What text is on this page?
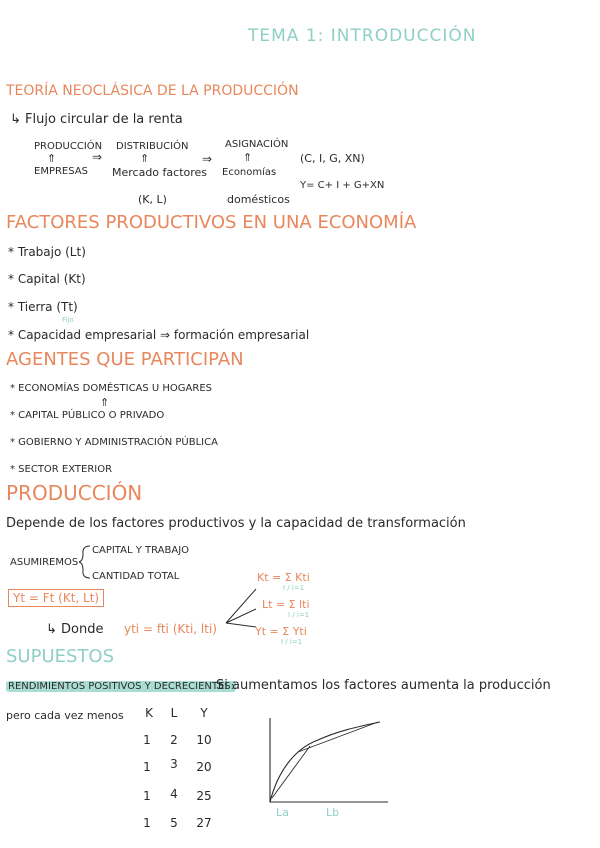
TEMA 1: INTRODUCCIÓN
TEORÍA NEOCLÁSICA DE LA PRODUCCIÓN
↳ Flujo circular de la renta
PRODUCCIÓN
⇑
EMPRESAS
⇒
DISTRIBUCIÓN
⇑
Mercado factores
(K, L)
⇒
ASIGNACIÓN
⇑
Economías
domésticos
(C, I, G, XN)
Y= C+ I + G+XN
FACTORES PRODUCTIVOS EN UNA ECONOMÍA
* Trabajo (Lt)
* Capital (Kt)
* Tierra (Tt)
Fijo
* Capacidad empresarial ⇒ formación empresarial
AGENTES QUE PARTICIPAN
* ECONOMÍAS DOMÉSTICAS U HOGARES
⇑
* CAPITAL PÚBLICO O PRIVADO
* GOBIERNO Y ADMINISTRACIÓN PÚBLICA
* SECTOR EXTERIOR
PRODUCCIÓN
Depende de los factores productivos y la capacidad de transformación
ASUMIREMOS
CAPITAL Y TRABAJO
CANTIDAD TOTAL
Yt = Ft (Kt, Lt)
↳ Donde yti = fti (Kti, lti)
Kt = Σ Kti
Lt = Σ lti
Yt = Σ Yti
I / i=1
I / i=1
I / i=1
SUPUESTOS
RENDIMIENTOS POSITIVOS Y DECRECIENTES:
Si aumentamos los factores aumenta la producción
pero cada vez menos	K	L	Y
1	2	10
1	3	20
1	4	25
1	5	27
La	Lb
